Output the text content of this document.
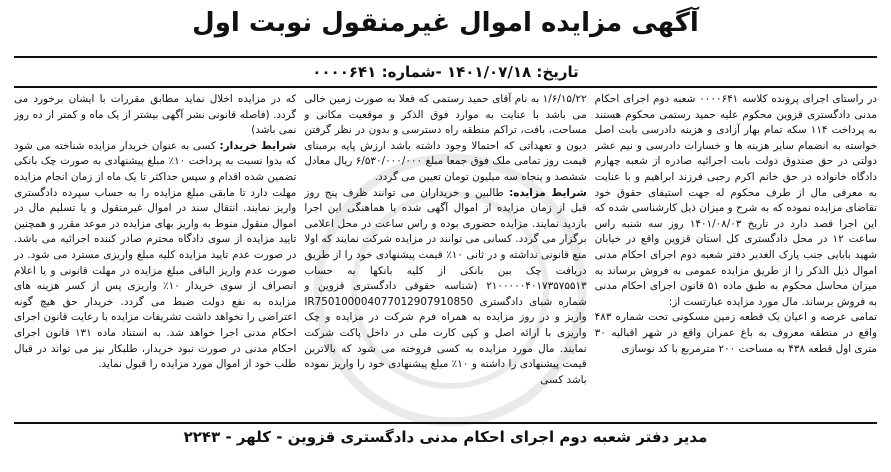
آگهی مزایده اموال غیرمنقول نوبت اول
تاریخ: ۱۴۰۱/۰۷/۱۸ -شماره: ۰۰۰۰۶۴۱

در راستای اجرای پرونده کلاسه ۰۰۰۰۶۴۱ شعبه دوم اجرای احکام مدنی دادگستری قزوین محکوم علیه حمید رستمی محکوم هستند به پرداخت ۱۱۴ سکه تمام بهار آزادی و هزینه دادرسی بابت اصل خواسته به انضمام سایر هزینه ها و خسارات دادرسی و نیم عشر دولتی در حق صندوق دولت بابت اجرائیه صادره از شعبه چهارم دادگاه خانواده در حق خانم اکرم رجبی فرزند ابراهیم و با عنایت به معرفی مال از طرف محکوم له جهت استیفای حقوق خود تقاضای مزایده نموده که به شرح و میزان ذیل کارشناسی شده که این اجرا قصد دارد در تاریخ ۱۴۰۱/۰۸/۰۳ روز سه شنبه راس ساعت ۱۲ در محل دادگستری کل استان قزوین واقع در خیابان شهید بابایی جنب پارک الغدیر دفتر شعبه دوم اجرای احکام مدنی اموال ذیل الذکر را از طریق مزایده عمومی به فروش برساند به میزان محاسل محکوم به طبق ماده ۵۱ قانون اجرای احکام مدنی به فروش برساند. مال مورد مزایده عبارتست از:

تمامی عرصه و اعیان یک قطعه زمین مسکونی تحت شماره ۴۸۳ واقع در منطقه معروف به باغ عمران واقع در شهر اقبالیه ۳۰ متری اول قطعه ۴۳۸ به مساحت ۲۰۰ مترمربع با کد نوسازی

۱/۶/۱۵/۲۲ به نام آقای حمید رستمی که فعلا به صورت زمین خالی می باشد با عنایت به موارد فوق الذکر و موقعیت مکانی و مساحت، بافت، تراکم منطقه راه دسترسی و بدون در نظر گرفتن دیون و تعهداتی که احتمالا وجود داشته باشد ارزش پایه برمبنای قیمت روز تمامی ملک فوق جمعا مبلغ ۶/۵۳۰/۰۰۰/۰۰۰ ریال معادل ششصد و پنجاه سه میلیون تومان تعیین می گردد.

شرایط مزایده: طالبین و خریداران می توانند ظرف پنج روز قبل از زمان مزایده از اموال آگهی شده با هماهنگی این اجرا بازدید نمایند. مزایده حضوری بوده و راس ساعت در محل اعلامی برگزار می گردد. کسانی می توانند در مزایده شرکت نمایند که اولا منع قانونی نداشته و در ثانی ۱۰٪ قیمت پیشنهادی خود را از طریق دریافت چک بین بانکی از کلیه بانکها به حساب ۲۱۰۰۰۰۰۴۰۱۷۳۵۷۵۵۱۳ (شناسه حقوقی دادگستری قزوین و شماره شبای دادگستری IR750100004077012907910850 واریز و در روز مزایده به همراه فرم شرکت در مزایده و چک واریزی با ارائه اصل و کپی کارت ملی در داخل پاکت شرکت نمایند. مال مورد مزایده به کسی فروخته می شود که بالاترین قیمت پیشنهادی را داشته و ۱۰٪ مبلغ پیشنهادی خود را واریز نموده باشد کسی

که در مزایده اخلال نماید مطابق مقررات با ایشان برخورد می گردد. (فاصله قانونی نشر آگهی بیشتر از یک ماه و کمتر از ده روز نمی باشد)

شرایط خریدار: کسی به عنوان خریدار مزایده شناخته می شود که بدوا نسبت به پرداخت ۱۰٪ مبلغ پیشنهادی به صورت چک بانکی تضمین شده اقدام و سپس حداکثر تا یک ماه از زمان انجام مزایده مهلت دارد تا مابقی مبلغ مزایده را به حساب سپرده دادگستری واریز نمایند. انتقال سند در اموال غیرمنقول و یا تسلیم مال در اموال منقول منوط به واریز بهای مزایده در موعد مقرر و همچنین تایید مزایده از سوی دادگاه محترم صادر کننده اجرائیه می باشد. در صورت عدم تایید مزایده کلیه مبلغ واریزی مسترد می شود. در صورت عدم واریز الباقی مبلغ مزایده در مهلت قانونی و یا اعلام انصراف از سوی خریدار ۱۰٪ واریزی پس از کسر هزینه های مزایده به نفع دولت ضبط می گردد. خریدار حق هیچ گونه اعتراضی را نخواهد داشت تشریفات مزایده با رعایت قانون اجرای احکام مدنی اجرا خواهد شد. به استناد ماده ۱۳۱ قانون اجرای احکام مدنی در صورت نبود خریدار، طلبکار نیز می تواند در قبال طلب خود از اموال مورد مزایده را قبول نماید.

مدیر دفتر شعبه دوم اجرای احکام مدنی دادگستری قزوین - کلهر - ۲۲۴۳
